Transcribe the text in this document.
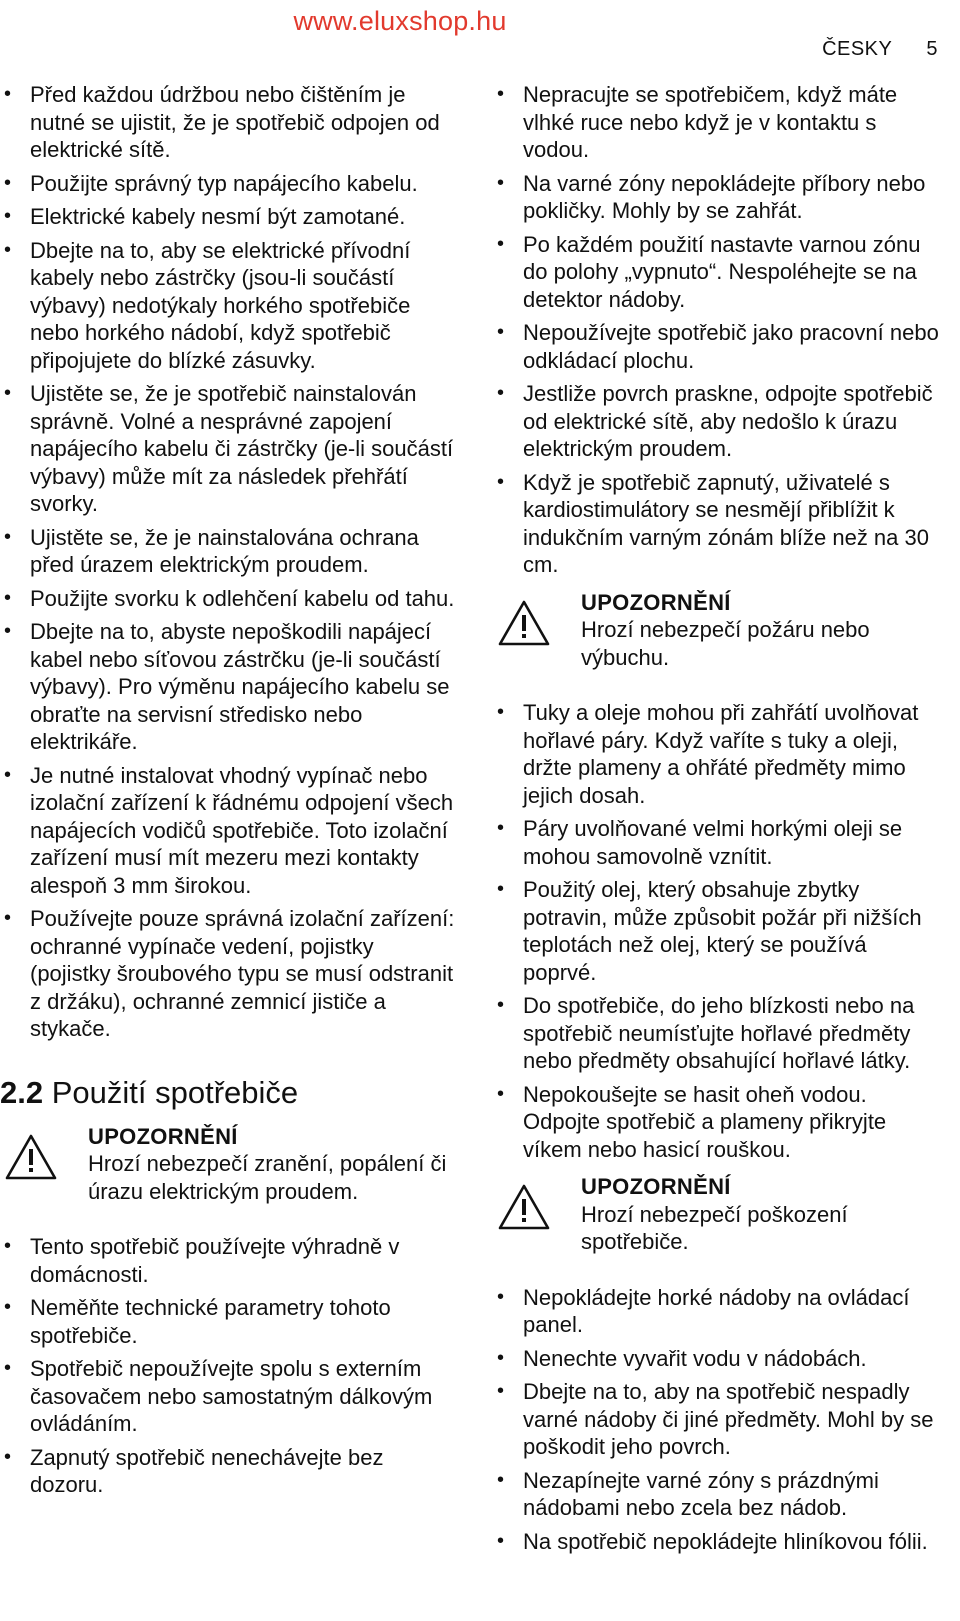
www.eluxshop.hu
ČESKY 5
• Před každou údržbou nebo čištěním je nutné se ujistit, že je spotřebič odpojen od elektrické sítě.
• Použijte správný typ napájecího kabelu.
• Elektrické kabely nesmí být zamotané.
• Dbejte na to, aby se elektrické přívodní kabely nebo zástrčky (jsou-li součástí výbavy) nedotýkaly horkého spotřebiče nebo horkého nádobí, když spotřebič připojujete do blízké zásuvky.
• Ujistěte se, že je spotřebič nainstalován správně. Volné a nesprávné zapojení napájecího kabelu či zástrčky (je-li součástí výbavy) může mít za následek přehřátí svorky.
• Ujistěte se, že je nainstalována ochrana před úrazem elektrickým proudem.
• Použijte svorku k odlehčení kabelu od tahu.
• Dbejte na to, abyste nepoškodili napájecí kabel nebo síťovou zástrčku (je-li součástí výbavy). Pro výměnu napájecího kabelu se obraťte na servisní středisko nebo elektrikáře.
• Je nutné instalovat vhodný vypínač nebo izolační zařízení k řádnému odpojení všech napájecích vodičů spotřebiče. Toto izolační zařízení musí mít mezeru mezi kontakty alespoň 3 mm širokou.
• Používejte pouze správná izolační zařízení: ochranné vypínače vedení, pojistky (pojistky šroubového typu se musí odstranit z držáku), ochranné zemnicí jističe a stykače.
2.2 Použití spotřebiče
UPOZORNĚNÍ
Hrozí nebezpečí zranění, popálení či úrazu elektrickým proudem.
• Tento spotřebič používejte výhradně v domácnosti.
• Neměňte technické parametry tohoto spotřebiče.
• Spotřebič nepoužívejte spolu s externím časovačem nebo samostatným dálkovým ovládáním.
• Zapnutý spotřebič nenechávejte bez dozoru.
• Nepracujte se spotřebičem, když máte vlhké ruce nebo když je v kontaktu s vodou.
• Na varné zóny nepokládejte příbory nebo pokličky. Mohly by se zahřát.
• Po každém použití nastavte varnou zónu do polohy „vypnuto“. Nespoléhejte se na detektor nádoby.
• Nepoužívejte spotřebič jako pracovní nebo odkládací plochu.
• Jestliže povrch praskne, odpojte spotřebič od elektrické sítě, aby nedošlo k úrazu elektrickým proudem.
• Když je spotřebič zapnutý, uživatelé s kardiostimulátory se nesmějí přiblížit k indukčním varným zónám blíže než na 30 cm.
UPOZORNĚNÍ
Hrozí nebezpečí požáru nebo výbuchu.
• Tuky a oleje mohou při zahřátí uvolňovat hořlavé páry. Když vaříte s tuky a oleji, držte plameny a ohřáté předměty mimo jejich dosah.
• Páry uvolňované velmi horkými oleji se mohou samovolně vznítit.
• Použitý olej, který obsahuje zbytky potravin, může způsobit požár při nižších teplotách než olej, který se používá poprvé.
• Do spotřebiče, do jeho blízkosti nebo na spotřebič neumísťujte hořlavé předměty nebo předměty obsahující hořlavé látky.
• Nepokoušejte se hasit oheň vodou. Odpojte spotřebič a plameny přikryjte víkem nebo hasicí rouškou.
UPOZORNĚNÍ
Hrozí nebezpečí poškození spotřebiče.
• Nepokládejte horké nádoby na ovládací panel.
• Nenechte vyvařit vodu v nádobách.
• Dbejte na to, aby na spotřebič nespadly varné nádoby či jiné předměty. Mohl by se poškodit jeho povrch.
• Nezapínejte varné zóny s prázdnými nádobami nebo zcela bez nádob.
• Na spotřebič nepokládejte hliníkovou fólii.
